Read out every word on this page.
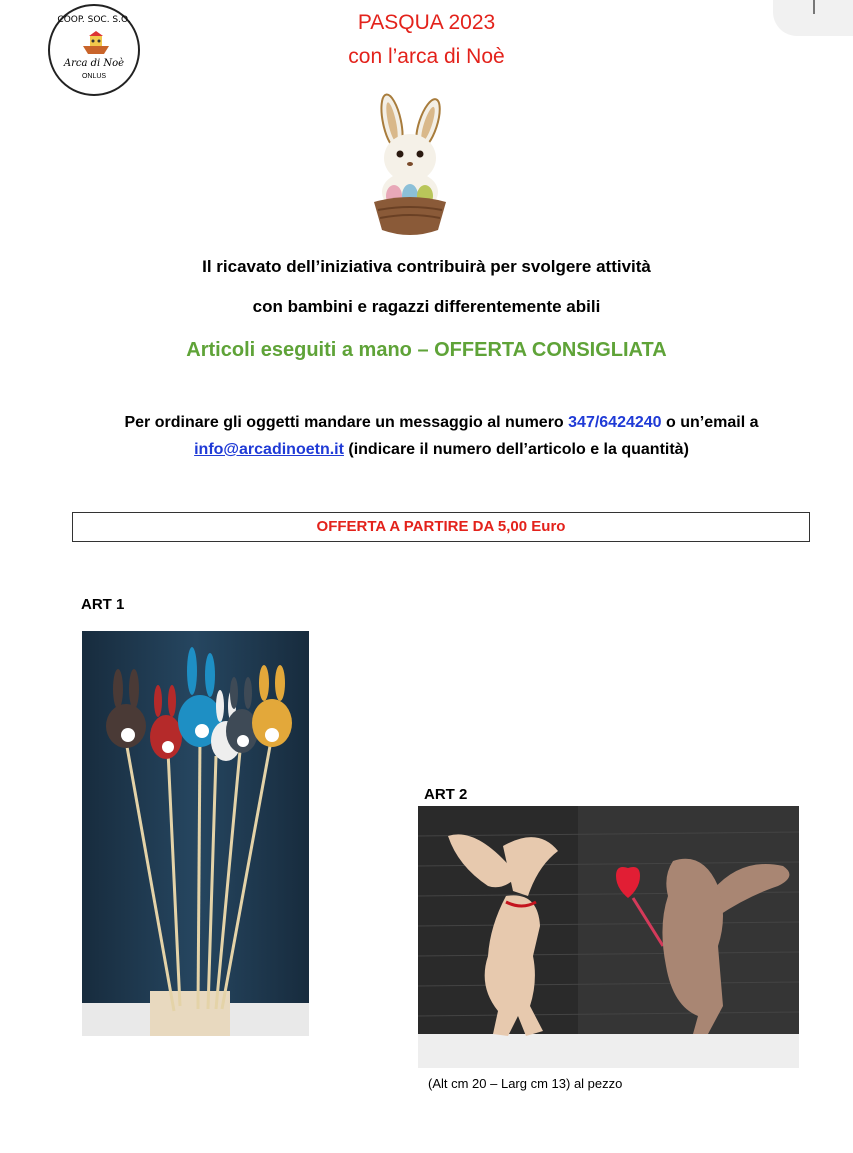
COOP. SOC. S.O.
Arca di Noè
ONLUS
PASQUA 2023
con l’arca di Noè
Il ricavato dell’iniziativa contribuirà per svolgere attività
con bambini e ragazzi differentemente abili
Articoli eseguiti a mano – OFFERTA CONSIGLIATA
Per ordinare gli oggetti mandare un messaggio al numero 347/6424240 o un’email a
info@arcadinoetn.it (indicare il numero dell’articolo e la quantità)
OFFERTA A PARTIRE DA 5,00 Euro
ART 1
ART 2
(Alt cm 20 – Larg cm 13) al pezzo
